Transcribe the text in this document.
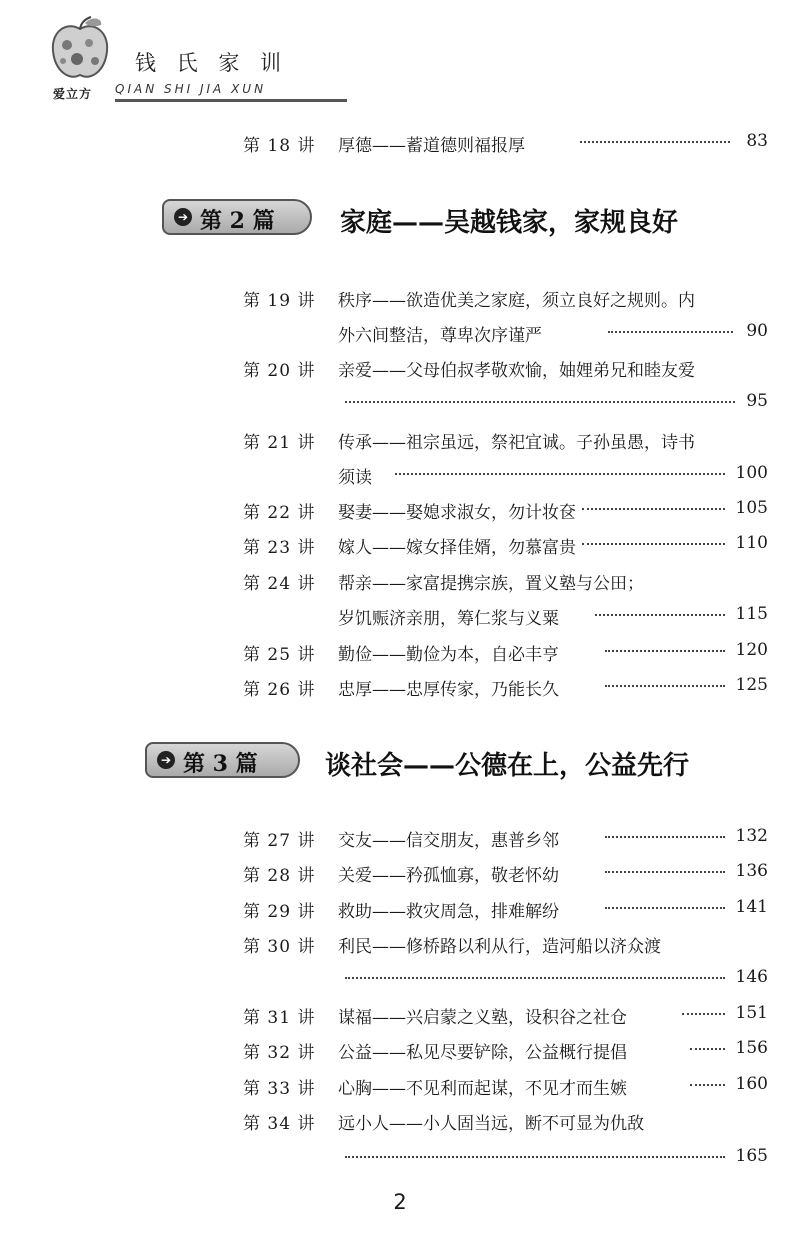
爱立方
钱 氏 家 训
QIAN SHI JIA XUN
第 18 讲 厚德——蓄道德则福报厚	83
➔ 第 2 篇	家庭——吴越钱家，家规良好
第 19 讲 秩序——欲造优美之家庭，须立良好之规则。内
外六间整洁，尊卑次序谨严	90
第 20 讲 亲爱——父母伯叔孝敬欢愉，妯娌弟兄和睦友爱
95
第 21 讲 传承——祖宗虽远，祭祀宜诚。子孙虽愚，诗书
须读	100
第 22 讲 娶妻——娶媳求淑女，勿计妆奁	105
第 23 讲 嫁人——嫁女择佳婿，勿慕富贵	110
第 24 讲 帮亲——家富提携宗族，置义塾与公田；
岁饥赈济亲朋，筹仁浆与义粟	115
第 25 讲 勤俭——勤俭为本，自必丰亨	120
第 26 讲 忠厚——忠厚传家，乃能长久	125
➔ 第 3 篇	谈社会——公德在上，公益先行
第 27 讲 交友——信交朋友，惠普乡邻	132
第 28 讲 关爱——矜孤恤寡，敬老怀幼	136
第 29 讲 救助——救灾周急，排难解纷	141
第 30 讲 利民——修桥路以利从行，造河船以济众渡
146
第 31 讲 谋福——兴启蒙之义塾，设积谷之社仓	151
第 32 讲 公益——私见尽要铲除，公益概行提倡	156
第 33 讲 心胸——不见利而起谋，不见才而生嫉	160
第 34 讲 远小人——小人固当远，断不可显为仇敌
165
2
